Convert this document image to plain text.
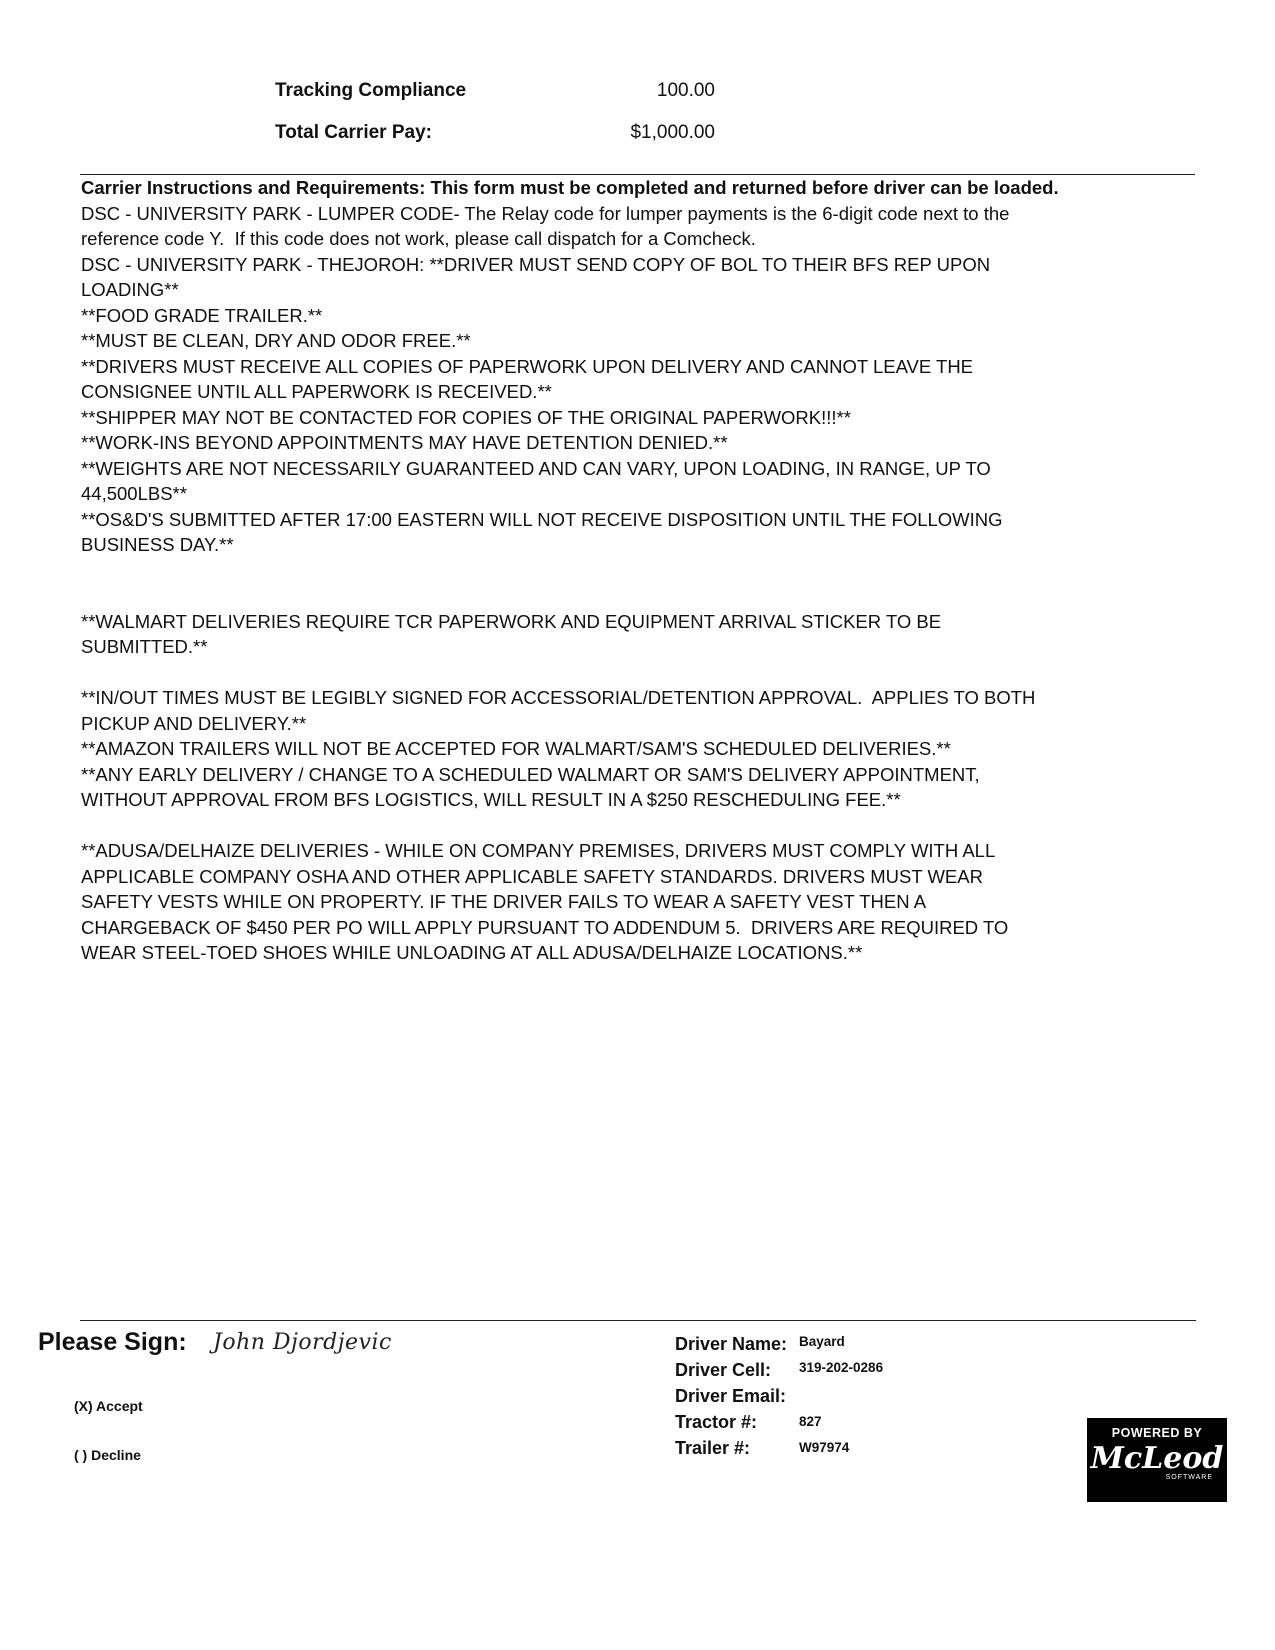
Tracking Compliance	100.00
Total Carrier Pay:	$1,000.00
Carrier Instructions and Requirements: This form must be completed and returned before driver can be loaded.
DSC - UNIVERSITY PARK - LUMPER CODE- The Relay code for lumper payments is the 6-digit code next to the
reference code Y.  If this code does not work, please call dispatch for a Comcheck.
DSC - UNIVERSITY PARK - THEJOROH: **DRIVER MUST SEND COPY OF BOL TO THEIR BFS REP UPON
LOADING**
**FOOD GRADE TRAILER.**
**MUST BE CLEAN, DRY AND ODOR FREE.**
**DRIVERS MUST RECEIVE ALL COPIES OF PAPERWORK UPON DELIVERY AND CANNOT LEAVE THE
CONSIGNEE UNTIL ALL PAPERWORK IS RECEIVED.**
**SHIPPER MAY NOT BE CONTACTED FOR COPIES OF THE ORIGINAL PAPERWORK!!!**
**WORK-INS BEYOND APPOINTMENTS MAY HAVE DETENTION DENIED.**
**WEIGHTS ARE NOT NECESSARILY GUARANTEED AND CAN VARY, UPON LOADING, IN RANGE, UP TO
44,500LBS**
**OS&D'S SUBMITTED AFTER 17:00 EASTERN WILL NOT RECEIVE DISPOSITION UNTIL THE FOLLOWING
BUSINESS DAY.**
**WALMART DELIVERIES REQUIRE TCR PAPERWORK AND EQUIPMENT ARRIVAL STICKER TO BE
SUBMITTED.**
**IN/OUT TIMES MUST BE LEGIBLY SIGNED FOR ACCESSORIAL/DETENTION APPROVAL.  APPLIES TO BOTH
PICKUP AND DELIVERY.**
**AMAZON TRAILERS WILL NOT BE ACCEPTED FOR WALMART/SAM'S SCHEDULED DELIVERIES.**
**ANY EARLY DELIVERY / CHANGE TO A SCHEDULED WALMART OR SAM'S DELIVERY APPOINTMENT,
WITHOUT APPROVAL FROM BFS LOGISTICS, WILL RESULT IN A $250 RESCHEDULING FEE.**
**ADUSA/DELHAIZE DELIVERIES - WHILE ON COMPANY PREMISES, DRIVERS MUST COMPLY WITH ALL
APPLICABLE COMPANY OSHA AND OTHER APPLICABLE SAFETY STANDARDS. DRIVERS MUST WEAR
SAFETY VESTS WHILE ON PROPERTY. IF THE DRIVER FAILS TO WEAR A SAFETY VEST THEN A
CHARGEBACK OF $450 PER PO WILL APPLY PURSUANT TO ADDENDUM 5.  DRIVERS ARE REQUIRED TO
WEAR STEEL-TOED SHOES WHILE UNLOADING AT ALL ADUSA/DELHAIZE LOCATIONS.**
Please Sign: John Djordjevic
(X) Accept
( ) Decline
Driver Name: Bayard
Driver Cell: 319-202-0286
Driver Email:
Tractor #:	827
Trailer #:	W97974
POWERED BY
McLeod
SOFTWARE
